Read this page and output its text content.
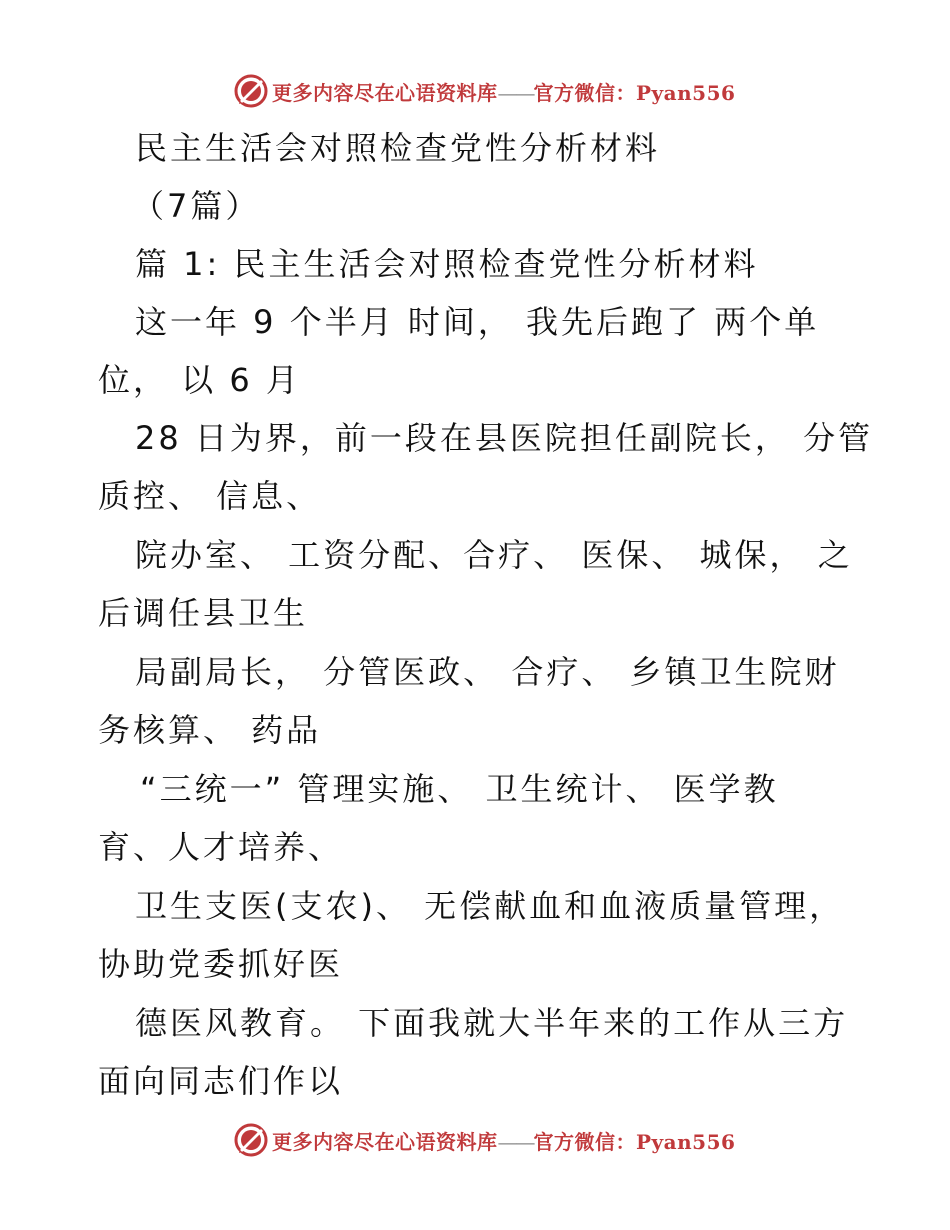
更多内容尽在心语资料库——官方微信：Pyan556
民主生活会对照检查党性分析材料
（7篇）
篇 1: 民主生活会对照检查党性分析材料
这一年 9 个半月 时间， 我先后跑了 两个单
位， 以 6 月
28 日为界，前一段在县医院担任副院长， 分管
质控、 信息、
院办室、 工资分配、合疗、 医保、 城保， 之
后调任县卫生
局副局长， 分管医政、 合疗、 乡镇卫生院财
务核算、 药品
“三统一” 管理实施、 卫生统计、 医学教
育、人才培养、
卫生支医(支农)、 无偿献血和血液质量管理，
协助党委抓好医
德医风教育。 下面我就大半年来的工作从三方
面向同志们作以
更多内容尽在心语资料库——官方微信：Pyan556
